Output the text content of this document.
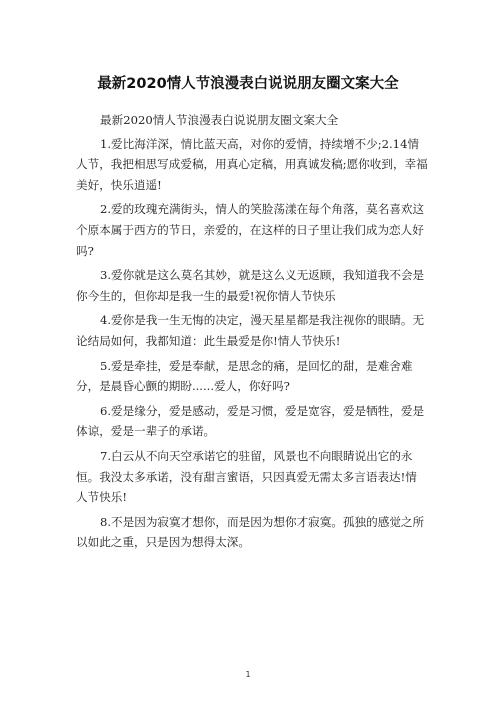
最新2020情人节浪漫表白说说朋友圈文案大全

最新2020情人节浪漫表白说说朋友圈文案大全

1.爱比海洋深，情比蓝天高，对你的爱情，持续增不少;2.14情人节，我把相思写成爱稿，用真心定稿，用真诚发稿;愿你收到，幸福美好，快乐逍遥!

2.爱的玫瑰充满街头，情人的笑脸荡漾在每个角落，莫名喜欢这个原本属于西方的节日，亲爱的，在这样的日子里让我们成为恋人好吗?

3.爱你就是这么莫名其妙，就是这么义无返顾，我知道我不会是你今生的，但你却是我一生的最爱!祝你情人节快乐

4.爱你是我一生无悔的决定，漫天星星都是我注视你的眼睛。无论结局如何，我都知道：此生最爱是你!情人节快乐!

5.爱是牵挂，爱是奉献，是思念的痛，是回忆的甜，是难舍难分，是晨昏心颤的期盼......爱人，你好吗?

6.爱是缘分，爱是感动，爱是习惯，爱是宽容，爱是牺牲，爱是体谅，爱是一辈子的承诺。

7.白云从不向天空承诺它的驻留，风景也不向眼睛说出它的永恒。我没太多承诺，没有甜言蜜语，只因真爱无需太多言语表达!情人节快乐!

8.不是因为寂寞才想你，而是因为想你才寂寞。孤独的感觉之所以如此之重，只是因为想得太深。

1
